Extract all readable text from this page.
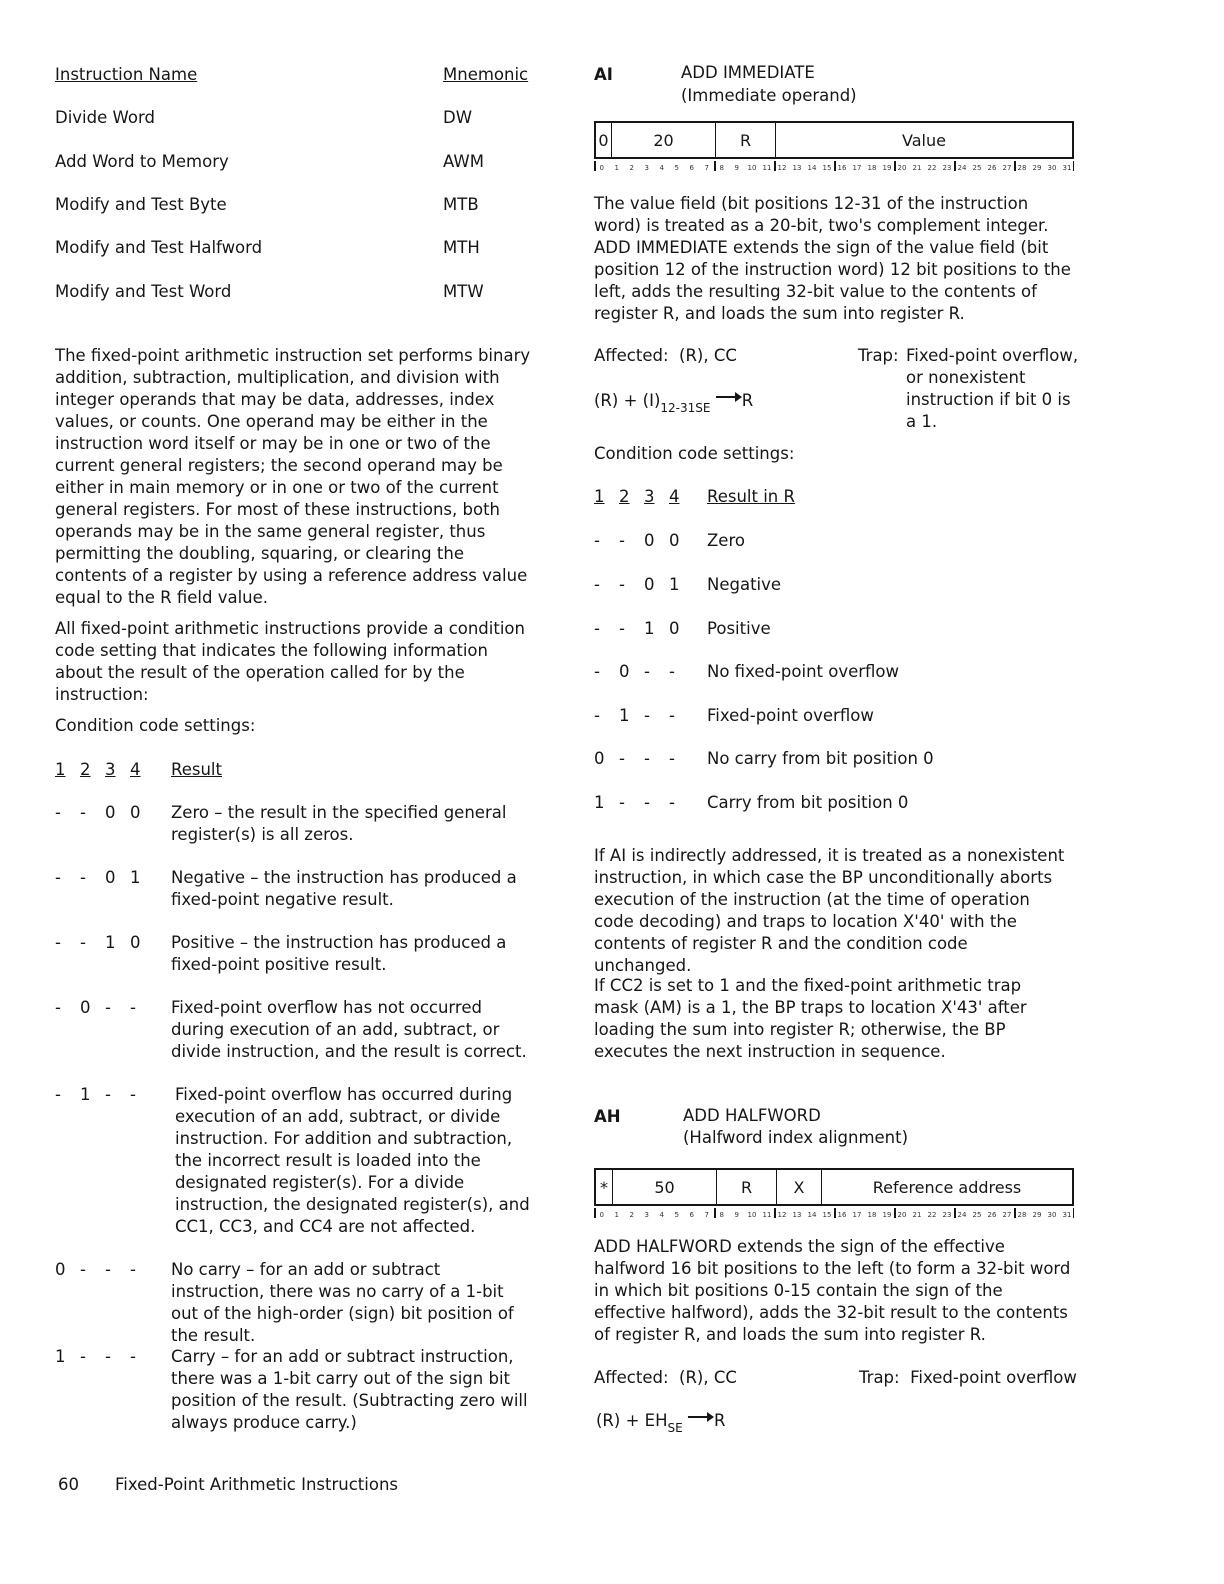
Instruction Name	Mnemonic
Divide Word	DW
Add Word to Memory	AWM
Modify and Test Byte	MTB
Modify and Test Halfword	MTH
Modify and Test Word	MTW

The fixed-point arithmetic instruction set performs binary addition, subtraction, multiplication, and division with integer operands that may be data, addresses, index values, or counts. One operand may be either in the instruction word itself or may be in one or two of the current general registers; the second operand may be either in main memory or in one or two of the current general registers. For most of these instructions, both operands may be in the same general register, thus permitting the doubling, squaring, or clearing the contents of a register by using a reference address value equal to the R field value.

All fixed-point arithmetic instructions provide a condition code setting that indicates the following information about the result of the operation called for by the instruction:

Condition code settings:
1 2 3 4	Result
-	-	0 0	Zero – the result in the specified general register(s) is all zeros.
-	-	0 1	Negative – the instruction has produced a fixed-point negative result.
-	-	1 0	Positive – the instruction has produced a fixed-point positive result.
-	0 -	-	Fixed-point overflow has not occurred during execution of an add, subtract, or divide instruction, and the result is correct.
-	1 -	-	Fixed-point overflow has occurred during execution of an add, subtract, or divide instruction. For addition and subtraction, the incorrect result is loaded into the designated register(s). For a divide instruction, the designated register(s), and CC1, CC3, and CC4 are not affected.
0 -	-	-	No carry – for an add or subtract instruction, there was no carry of a 1-bit out of the high-order (sign) bit position of the result.
1 -	-	-	Carry – for an add or subtract instruction, there was a 1-bit carry out of the sign bit position of the result. (Subtracting zero will always produce carry.)
60 Fixed-Point Arithmetic Instructions
AI	ADD IMMEDIATE
(Immediate operand)
0	20	R	Value
0 1 2 3 4 5 6 7 8 9 10 11 12 13 14 15 16 17 18 19 20 21 22 23 24 25 26 27 28 29 30 31

The value field (bit positions 12-31 of the instruction word) is treated as a 20-bit, two's complement integer. ADD IMMEDIATE extends the sign of the value field (bit position 12 of the instruction word) 12 bit positions to the left, adds the resulting 32-bit value to the contents of register R, and loads the sum into register R.

Affected:  (R), CC	Trap: Fixed-point overflow, or nonexistent instruction if bit 0 is a 1.
$(R) + (I)_{12-31SE}$ R
Condition code settings:
1 2 3 4	Result in R
-	-	0 0	Zero
-	-	0 1	Negative
-	-	1 0	Positive
-	0 -	-	No fixed-point overflow
-	1 -	-	Fixed-point overflow
0 -	-	-	No carry from bit position 0
1 -	-	-	Carry from bit position 0

If AI is indirectly addressed, it is treated as a nonexistent instruction, in which case the BP unconditionally aborts execution of the instruction (at the time of operation code decoding) and traps to location X'40' with the contents of register R and the condition code unchanged.

If CC2 is set to 1 and the fixed-point arithmetic trap mask (AM) is a 1, the BP traps to location X'43' after loading the sum into register R; otherwise, the BP executes the next instruction in sequence.

AH	ADD HALFWORD
(Halfword index alignment)
*	50	R	X	Reference address
0 1 2 3 4 5 6 7 8 9 10 11 12 13 14 15 16 17 18 19 20 21 22 23 24 25 26 27 28 29 30 31

ADD HALFWORD extends the sign of the effective halfword 16 bit positions to the left (to form a 32-bit word in which bit positions 0-15 contain the sign of the effective halfword), adds the 32-bit result to the contents of register R, and loads the sum into register R.

Affected:  (R), CC	Trap:  Fixed-point overflow
$(R) + EH_{SE}$ R
